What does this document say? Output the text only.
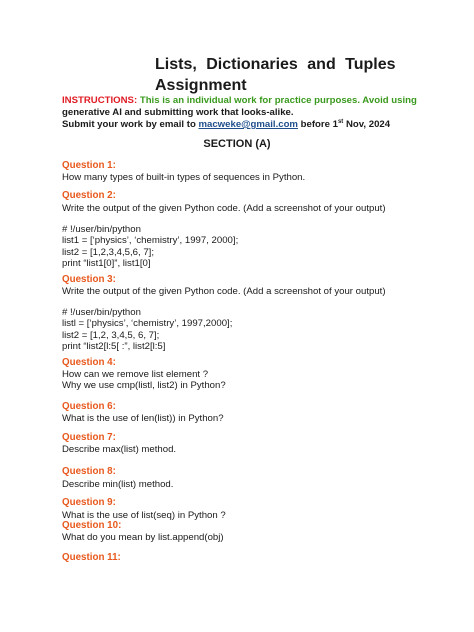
Lists, Dictionaries and Tuples
Assignment
INSTRUCTIONS: This is an individual work for practice purposes. Avoid using
generative AI and submitting work that looks-alike.
Submit your work by email to macweke@gmail.com before 1st Nov, 2024
SECTION (A)
Question 1:
How many types of built-in types of sequences in Python.
Question 2:
Write the output of the given Python code. (Add a screenshot of your output)
# !/user/bin/python
list1 = [‘physics’, ‘chemistry’, 1997, 2000];
list2 = [1,2,3,4,5,6, 7];
print “list1[0]”, list1[0]
Question 3:
Write the output of the given Python code. (Add a screenshot of your output)
# !/user/bin/python
listl = [‘physics’, ‘chemistry’, 1997,2000];
list2 = [1,2, 3,4,5, 6, 7];
print “list2[l:5[ :”, list2[l:5]
Question 4:
How can we remove list element ?
Why we use cmp(listl, list2) in Python?
Question 6:
What is the use of len(list)) in Python?
Question 7:
Describe max(list) method.
Question 8:
Describe min(list) method.
Question 9:
What is the use of list(seq) in Python ?
Question 10:
What do you mean by list.append(obj)
Question 11:
